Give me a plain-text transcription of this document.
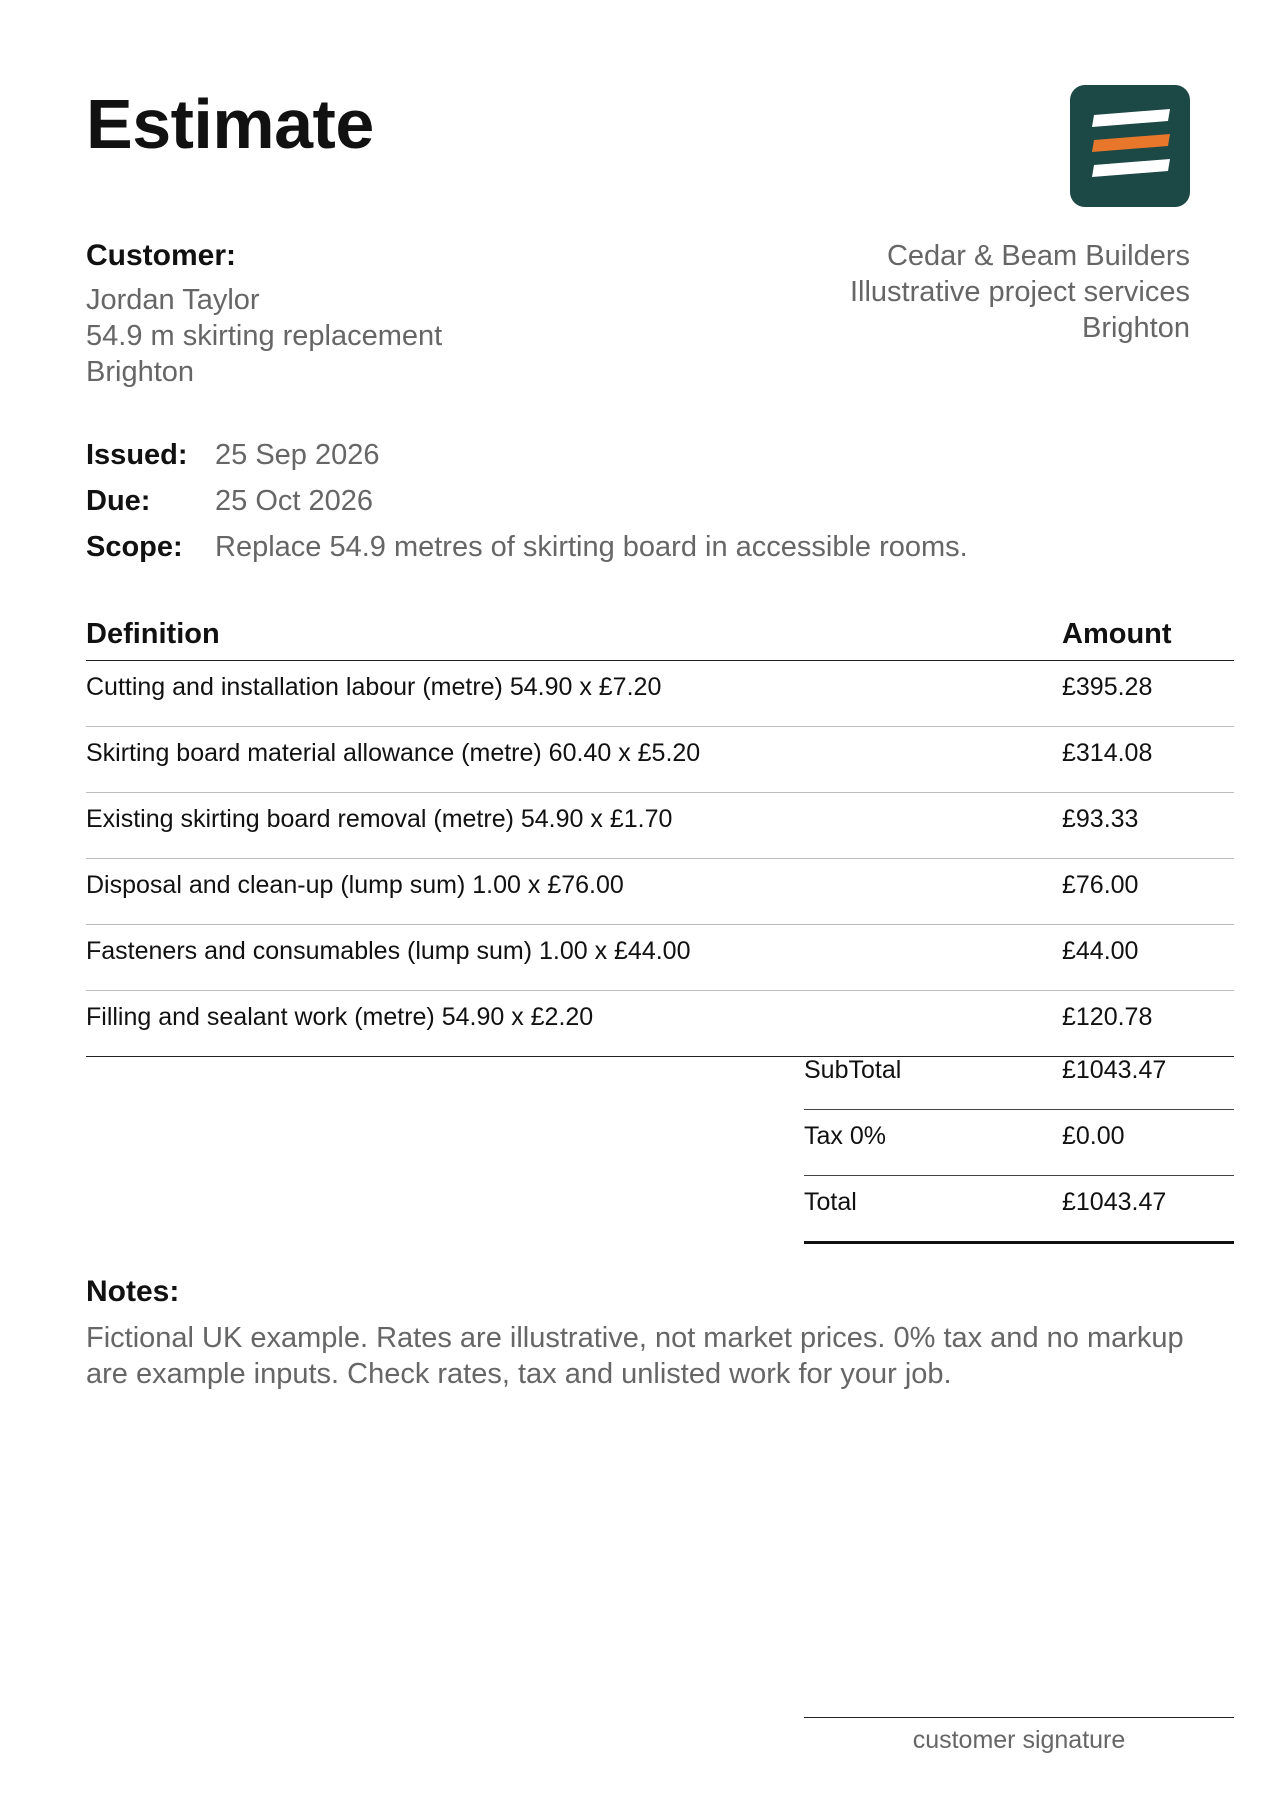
Estimate
Customer:
Jordan Taylor
54.9 m skirting replacement
Brighton
Cedar & Beam Builders
Illustrative project services
Brighton
Issued: 25 Sep 2026
Due:	25 Oct 2026
Scope:	Replace 54.9 metres of skirting board in accessible rooms.
Definition	Amount
Cutting and installation labour (metre) 54.90 x £7.20	£395.28
Skirting board material allowance (metre) 60.40 x £5.20	£314.08
Existing skirting board removal (metre) 54.90 x £1.70	£93.33
Disposal and clean-up (lump sum) 1.00 x £76.00	£76.00
Fasteners and consumables (lump sum) 1.00 x £44.00	£44.00
Filling and sealant work (metre) 54.90 x £2.20	£120.78
SubTotal	£1043.47
Tax 0%	£0.00
Total	£1043.47
Notes:
Fictional UK example. Rates are illustrative, not market prices. 0% tax and no markup are example inputs. Check rates, tax and unlisted work for your job.
customer signature
